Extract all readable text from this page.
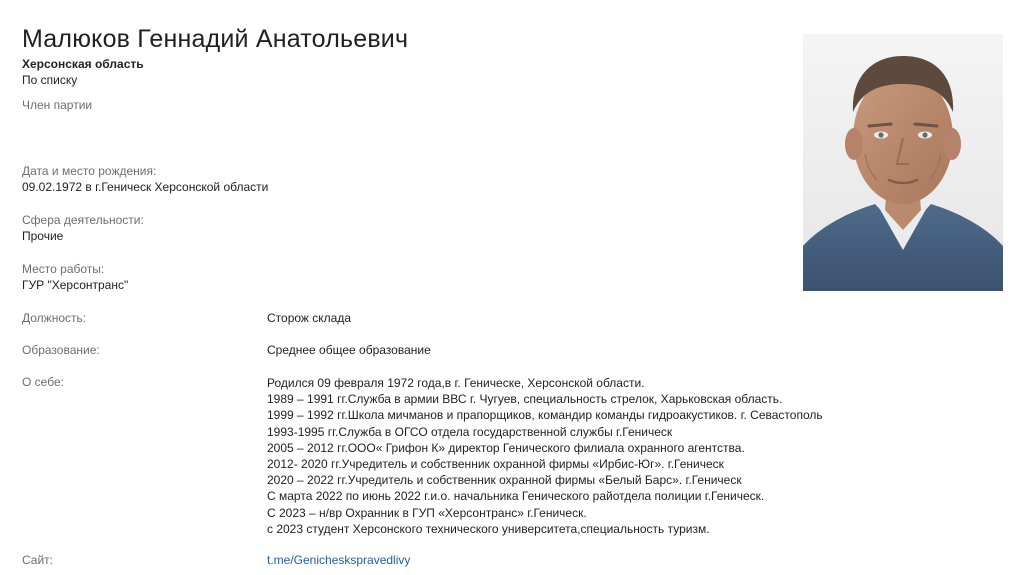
Малюков Геннадий Анатольевич
Херсонская область
По списку
Член партии
Дата и место рождения:
09.02.1972 в г.Геническ Херсонской области
Сфера деятельности:
Прочие
Место работы:
ГУР "Херсонтранс"
Должность:	Сторож склада
Образование:	Среднее общее образование
О себе:	Родился 09 февраля 1972 года,в г. Геническе, Херсонской области.
1989 – 1991 гг.Служба в армии ВВС г. Чугуев, специальность стрелок, Харьковская область.
1999 – 1992 гг.Школа мичманов и прапорщиков, командир команды гидроакустиков. г. Севастополь
1993-1995 гг.Служба в ОГСО отдела государственной службы г.Геническ
2005 – 2012 гг.ООО« Грифон К» директор Генического филиала охранного агентства.
2012- 2020 гг.Учредитель и собственник охранной фирмы «Ирбис-Юг». г.Геническ
2020 – 2022 гг.Учредитель и собственник охранной фирмы «Белый Барс». г.Геническ
С марта 2022 по июнь 2022 г.и.о. начальника Генического райотдела полиции г.Геническ.
С 2023 – н/вр Охранник в ГУП «Херсонтранс» г.Геническ.
с 2023 студент Херсонского технического университета,специальность туризм.
Сайт:	t.me/Genicheskspravedlivy
